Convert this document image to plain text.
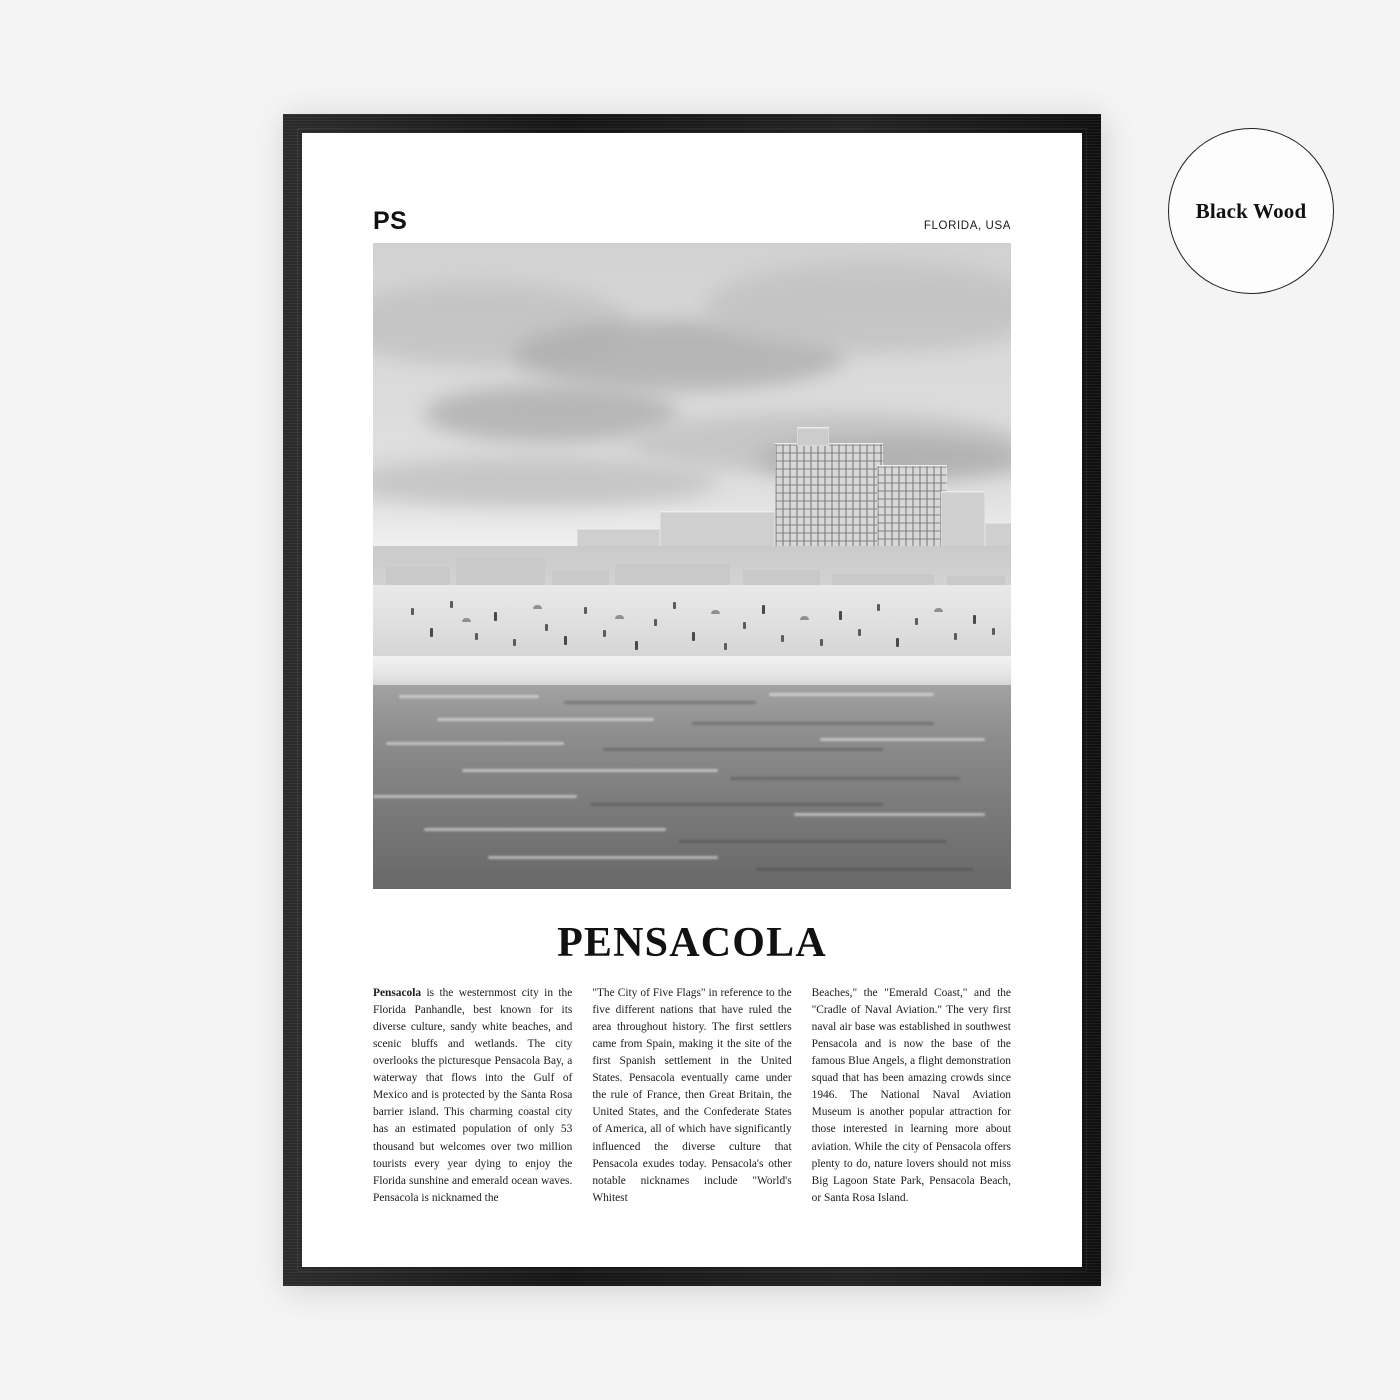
PS	FLORIDA, USA
PENSACOLA
Pensacola is the westernmost city in the Florida Panhandle, best known for its diverse culture, sandy white beaches, and scenic bluffs and wetlands. The city overlooks the picturesque Pensacola Bay, a waterway that flows into the Gulf of Mexico and is protected by the Santa Rosa barrier island. This charming coastal city has an estimated population of only 53 thousand but welcomes over two million tourists every year dying to enjoy the Florida sunshine and emerald ocean waves. Pensacola is nicknamed the
"The City of Five Flags" in reference to the five different nations that have ruled the area throughout history. The first settlers came from Spain, making it the site of the first Spanish settlement in the United States. Pensacola eventually came under the rule of France, then Great Britain, the United States, and the Confederate States of America, all of which have significantly influenced the diverse culture that Pensacola exudes today. Pensacola's other notable nicknames include "World's Whitest
Beaches," the "Emerald Coast," and the "Cradle of Naval Aviation." The very first naval air base was established in southwest Pensacola and is now the base of the famous Blue Angels, a flight demonstration squad that has been amazing crowds since 1946. The National Naval Aviation Museum is another popular attraction for those interested in learning more about aviation. While the city of Pensacola offers plenty to do, nature lovers should not miss Big Lagoon State Park, Pensacola Beach, or Santa Rosa Island.
Black Wood
